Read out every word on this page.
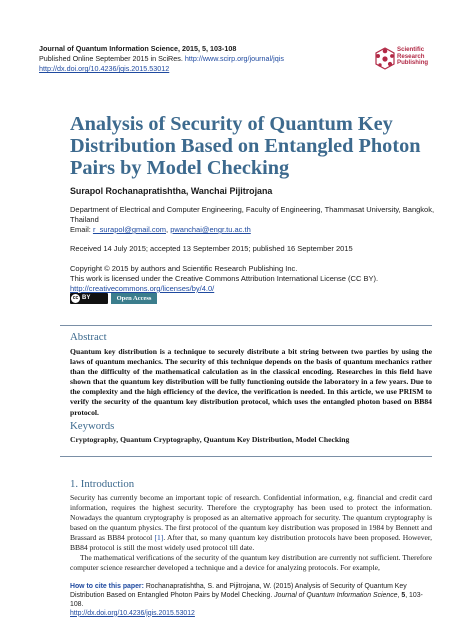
Journal of Quantum Information Science, 2015, 5, 103-108
Published Online September 2015 in SciRes. http://www.scirp.org/journal/jqis
http://dx.doi.org/10.4236/jqis.2015.53012
Scientific
Research
Publishing
Analysis of Security of Quantum Key Distribution Based on Entangled Photon Pairs by Model Checking
Surapol Rochanapratishtha, Wanchai Pijitrojana
Department of Electrical and Computer Engineering, Faculty of Engineering, Thammasat University, Bangkok, Thailand
Email: r_surapol@gmail.com, pwanchai@engr.tu.ac.th
Received 14 July 2015; accepted 13 September 2015; published 16 September 2015
Copyright © 2015 by authors and Scientific Research Publishing Inc.
This work is licensed under the Creative Commons Attribution International License (CC BY).
http://creativecommons.org/licenses/by/4.0/
cc BY	Open Access
Abstract
Quantum key distribution is a technique to securely distribute a bit string between two parties by using the laws of quantum mechanics. The security of this technique depends on the basis of quantum mechanics rather than the difficulty of the mathematical calculation as in the classical encoding. Researches in this field have shown that the quantum key distribution will be fully functioning outside the laboratory in a few years. Due to the complexity and the high efficiency of the device, the verification is needed. In this article, we use PRISM to verify the security of the quantum key distribution protocol, which uses the entangled photon based on BB84 protocol.
Keywords
Cryptography, Quantum Cryptography, Quantum Key Distribution, Model Checking
1. Introduction

Security has currently become an important topic of research. Confidential information, e.g. financial and credit card information, requires the highest security. Therefore the cryptography has been used to protect the information. Nowadays the quantum cryptography is proposed as an alternative approach for security. The quantum cryptography is based on the quantum physics. The first protocol of the quantum key distribution was proposed in 1984 by Bennett and Brassard as BB84 protocol [1]. After that, so many quantum key distribution protocols have been proposed. However, BB84 protocol is still the most widely used protocol till date.

The mathematical verifications of the security of the quantum key distribution are currently not sufficient. Therefore computer science researcher developed a technique and a device for analyzing protocols. For example,

How to cite this paper: Rochanapratishtha, S. and Pijitrojana, W. (2015) Analysis of Security of Quantum Key Distribution Based on Entangled Photon Pairs by Model Checking. Journal of Quantum Information Science, 5, 103-108.
http://dx.doi.org/10.4236/jqis.2015.53012
